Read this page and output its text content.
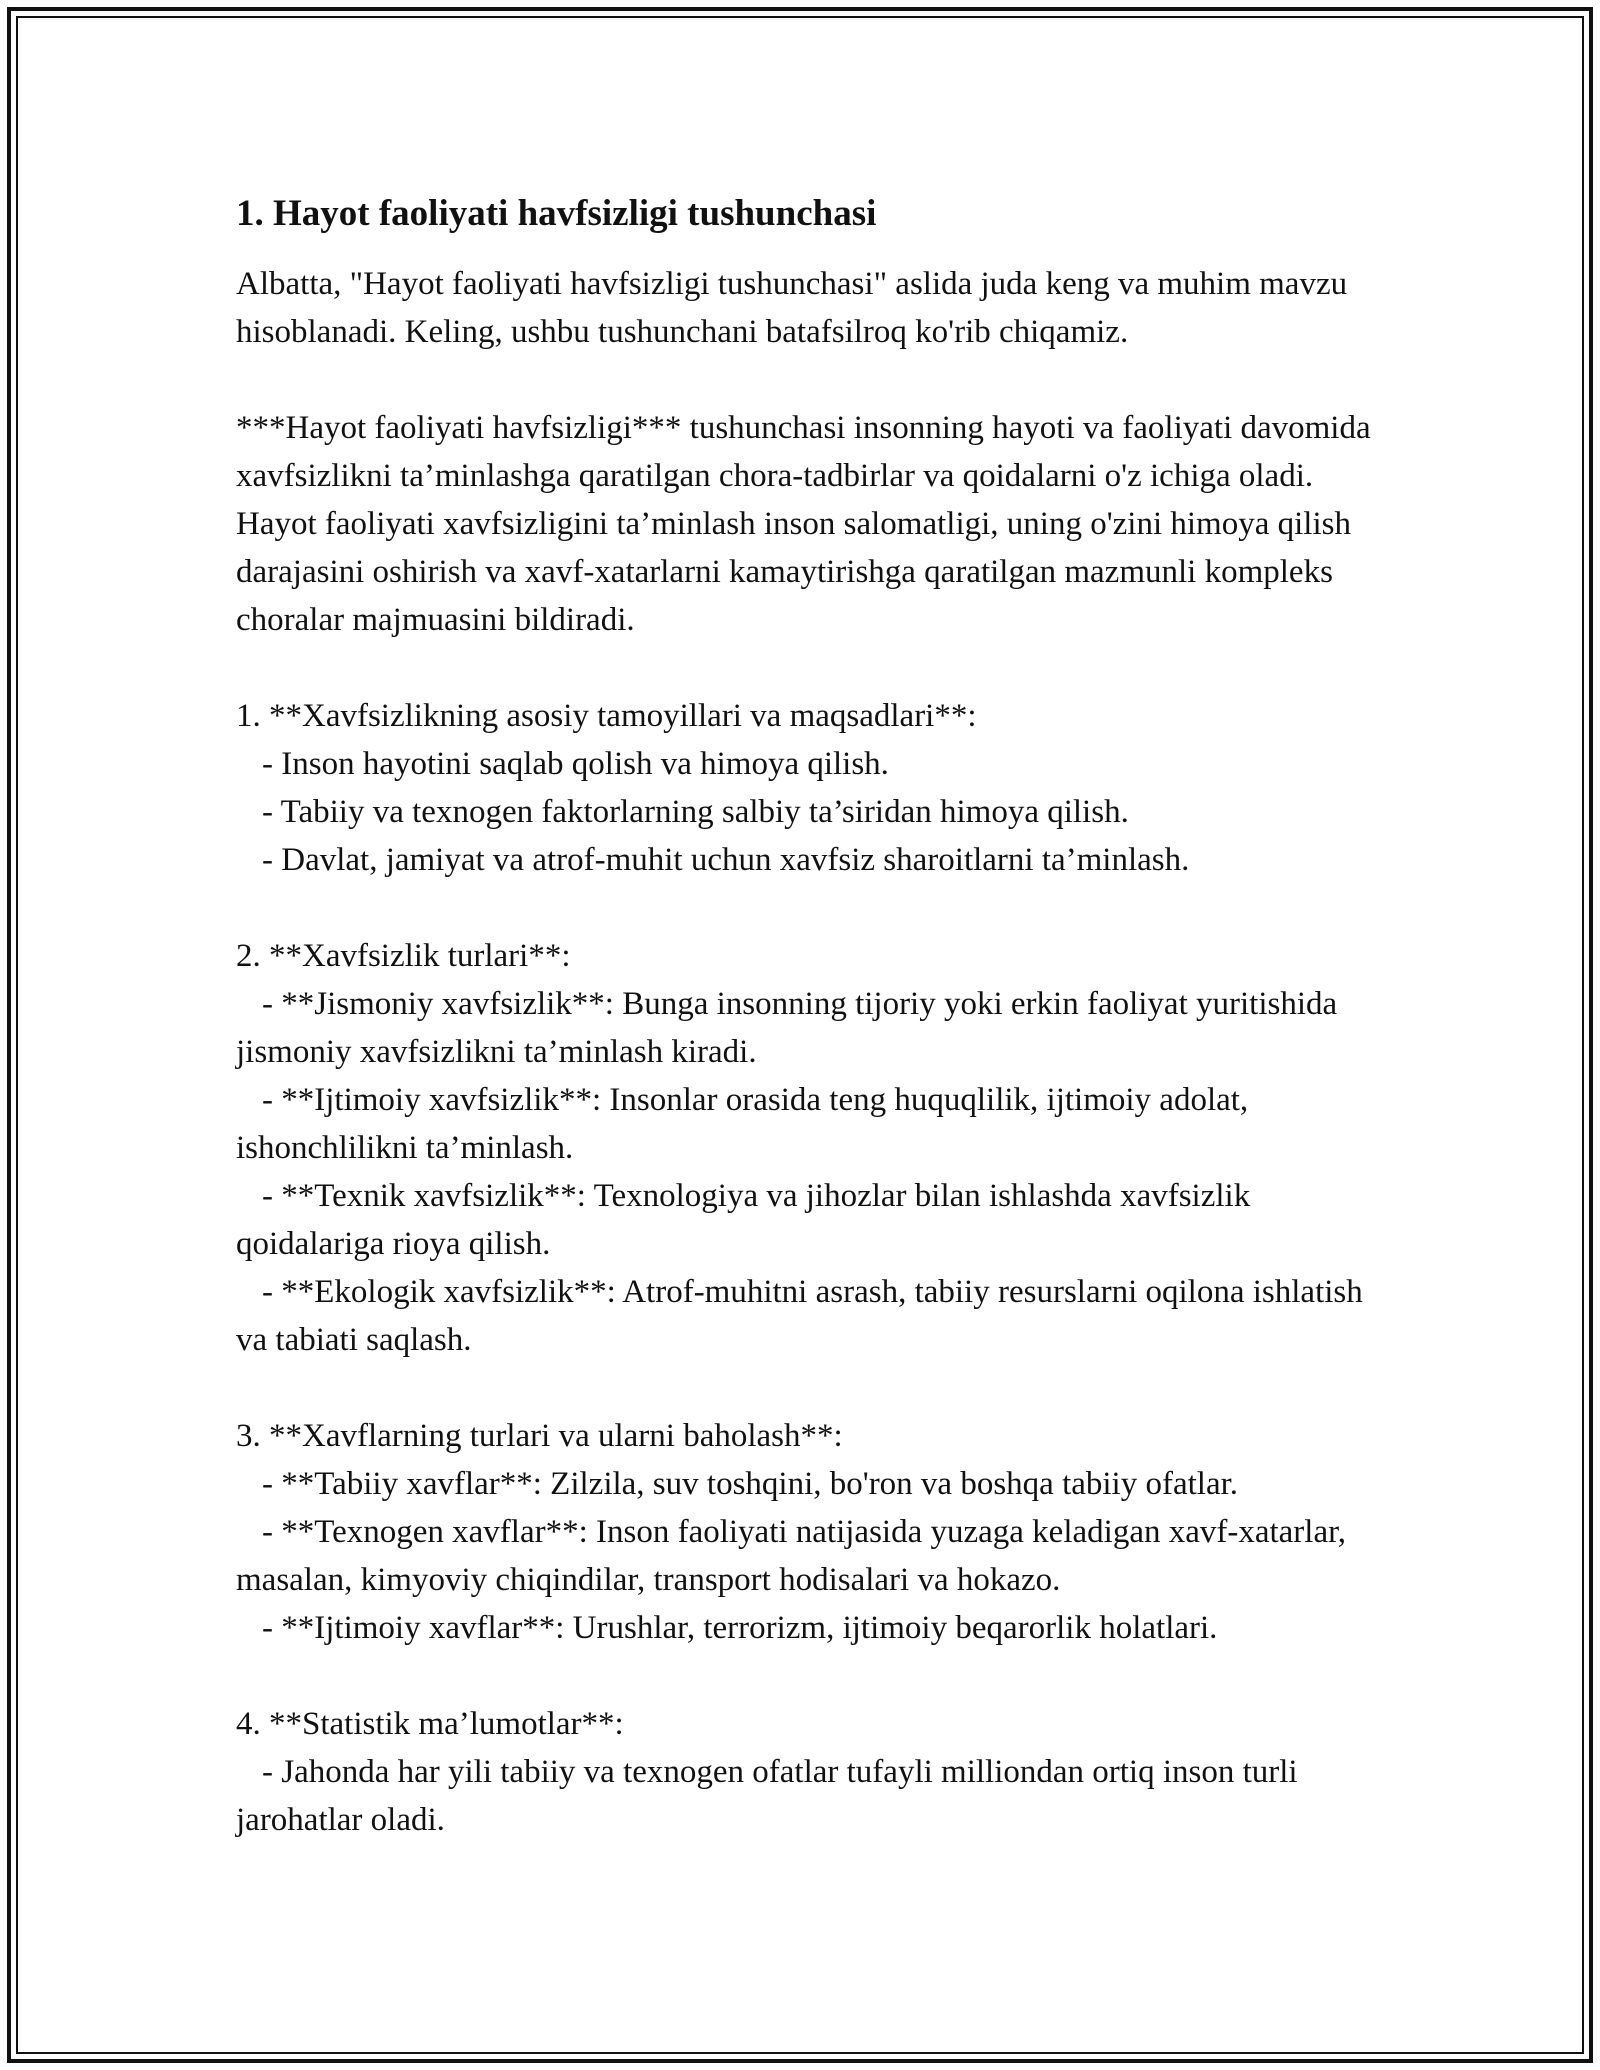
1. Hayot faoliyati havfsizligi tushunchasi

Albatta, "Hayot faoliyati havfsizligi tushunchasi" aslida juda keng va muhim mavzu hisoblanadi. Keling, ushbu tushunchani batafsilroq ko'rib chiqamiz.

***Hayot faoliyati havfsizligi*** tushunchasi insonning hayoti va faoliyati davomida xavfsizlikni ta’minlashga qaratilgan chora-tadbirlar va qoidalarni o'z ichiga oladi. Hayot faoliyati xavfsizligini ta’minlash inson salomatligi, uning o'zini himoya qilish darajasini oshirish va xavf-xatarlarni kamaytirishga qaratilgan mazmunli kompleks choralar majmuasini bildiradi.

1. **Xavfsizlikning asosiy tamoyillari va maqsadlari**:

- Inson hayotini saqlab qolish va himoya qilish.

- Tabiiy va texnogen faktorlarning salbiy ta’siridan himoya qilish.

- Davlat, jamiyat va atrof-muhit uchun xavfsiz sharoitlarni ta’minlash.

2. **Xavfsizlik turlari**:

- **Jismoniy xavfsizlik**: Bunga insonning tijoriy yoki erkin faoliyat yuritishida jismoniy xavfsizlikni ta’minlash kiradi.

- **Ijtimoiy xavfsizlik**: Insonlar orasida teng huquqlilik, ijtimoiy adolat, ishonchlilikni ta’minlash.

- **Texnik xavfsizlik**: Texnologiya va jihozlar bilan ishlashda xavfsizlik qoidalariga rioya qilish.

- **Ekologik xavfsizlik**: Atrof-muhitni asrash, tabiiy resurslarni oqilona ishlatish va tabiati saqlash.

3. **Xavflarning turlari va ularni baholash**:

- **Tabiiy xavflar**: Zilzila, suv toshqini, bo'ron va boshqa tabiiy ofatlar.

- **Texnogen xavflar**: Inson faoliyati natijasida yuzaga keladigan xavf-xatarlar, masalan, kimyoviy chiqindilar, transport hodisalari va hokazo.

- **Ijtimoiy xavflar**: Urushlar, terrorizm, ijtimoiy beqarorlik holatlari.

4. **Statistik ma’lumotlar**:

- Jahonda har yili tabiiy va texnogen ofatlar tufayli milliondan ortiq inson turli jarohatlar oladi.
